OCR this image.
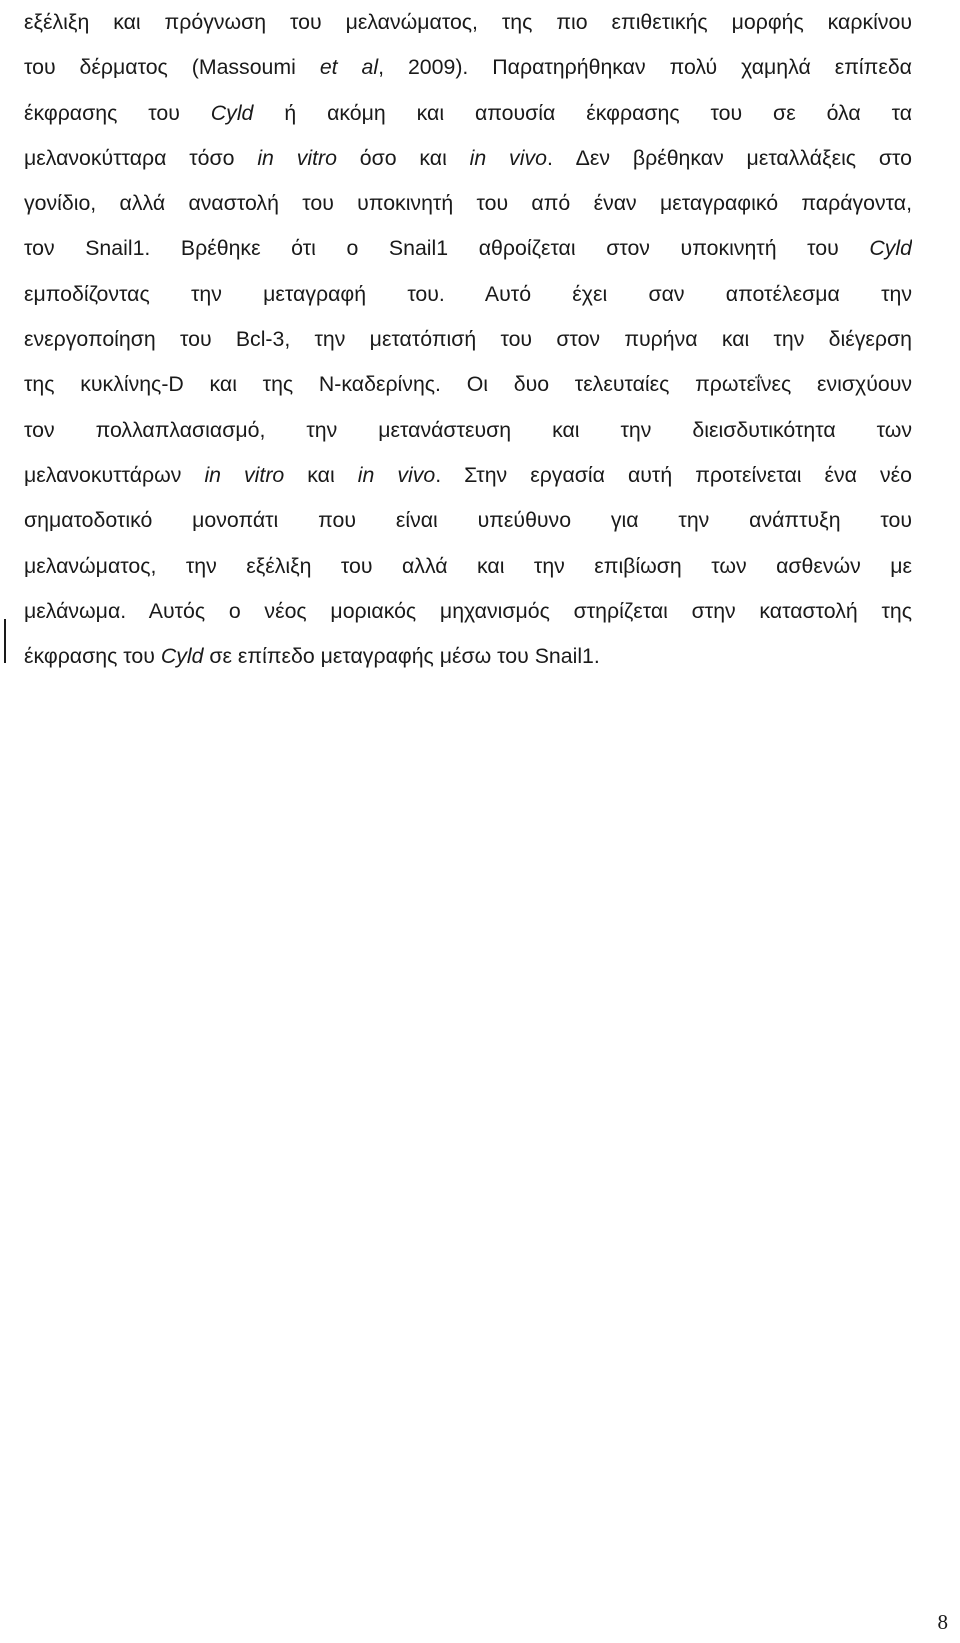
εξέλιξη και πρόγνωση του μελανώματος, της πιο επιθετικής μορφής καρκίνου
του δέρματος (Massoumi et al, 2009). Παρατηρήθηκαν πολύ χαμηλά επίπεδα
έκφρασης του Cyld ή ακόμη και απουσία έκφρασης του σε όλα τα
μελανοκύτταρα τόσο in vitro όσο και in vivo. Δεν βρέθηκαν μεταλλάξεις στο
γονίδιο, αλλά αναστολή του υποκινητή του από έναν μεταγραφικό παράγοντα,
τον Snail1. Βρέθηκε ότι ο Snail1 αθροίζεται στον υποκινητή του Cyld
εμποδίζοντας την μεταγραφή του. Αυτό έχει σαν αποτέλεσμα την
ενεργοποίηση του Bcl-3, την μετατόπισή του στον πυρήνα και την διέγερση
της κυκλίνης-D και της N-καδερίνης. Οι δυο τελευταίες πρωτεΐνες ενισχύουν
τον πολλαπλασιασμό, την μετανάστευση και την διεισδυτικότητα των
μελανοκυττάρων in vitro και in vivo. Στην εργασία αυτή προτείνεται ένα νέο
σηματοδοτικό μονοπάτι που είναι υπεύθυνο για την ανάπτυξη του
μελανώματος, την εξέλιξη του αλλά και την επιβίωση των ασθενών με
μελάνωμα. Αυτός ο νέος μοριακός μηχανισμός στηρίζεται στην καταστολή της
έκφρασης του Cyld σε επίπεδο μεταγραφής μέσω του Snail1.

8
